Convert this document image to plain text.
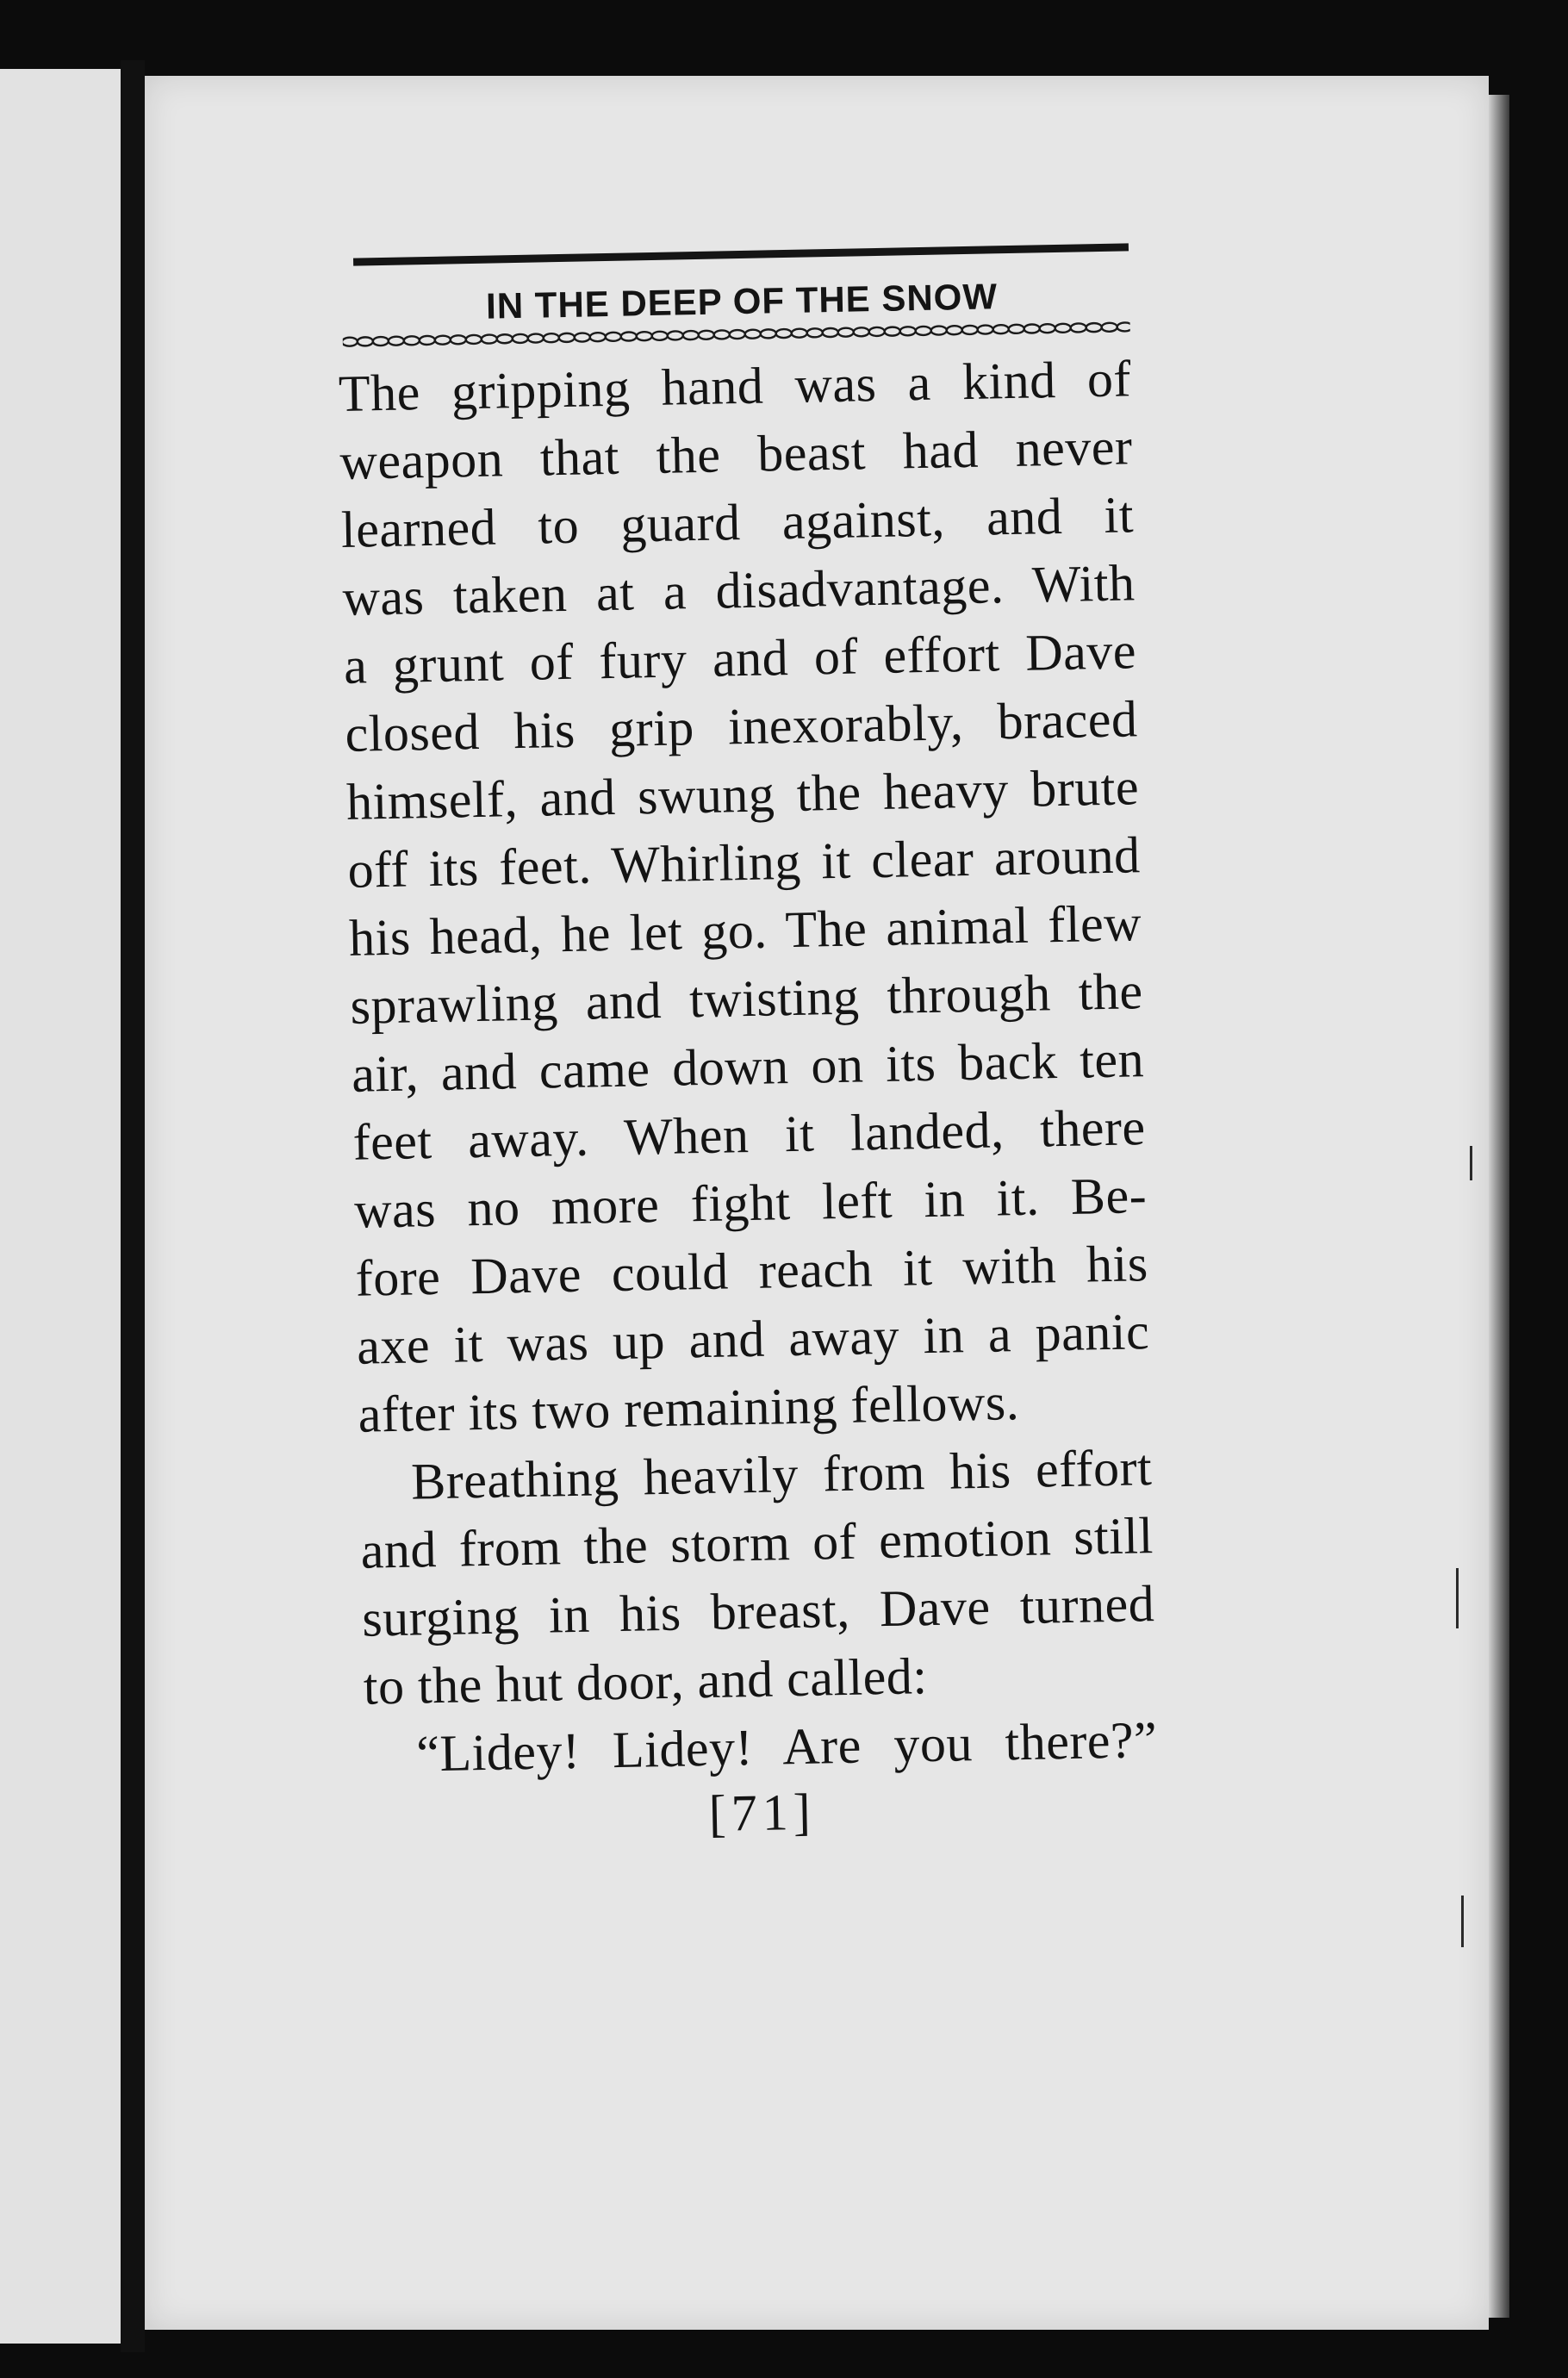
IN THE DEEP OF THE SNOW

The gripping hand was a kind of
weapon that the beast had never
learned to guard against, and it
was taken at a disadvantage. With
a grunt of fury and of effort Dave
closed his grip inexorably, braced
himself, and swung the heavy brute
off its feet. Whirling it clear around
his head, he let go. The animal flew
sprawling and twisting through the
air, and came down on its back ten
feet away. When it landed, there
was no more fight left in it. Be-
fore Dave could reach it with his
axe it was up and away in a panic
after its two remaining fellows.

Breathing heavily from his effort
and from the storm of emotion still
surging in his breast, Dave turned
to the hut door, and called:

“Lidey! Lidey! Are you there?”

[71]
